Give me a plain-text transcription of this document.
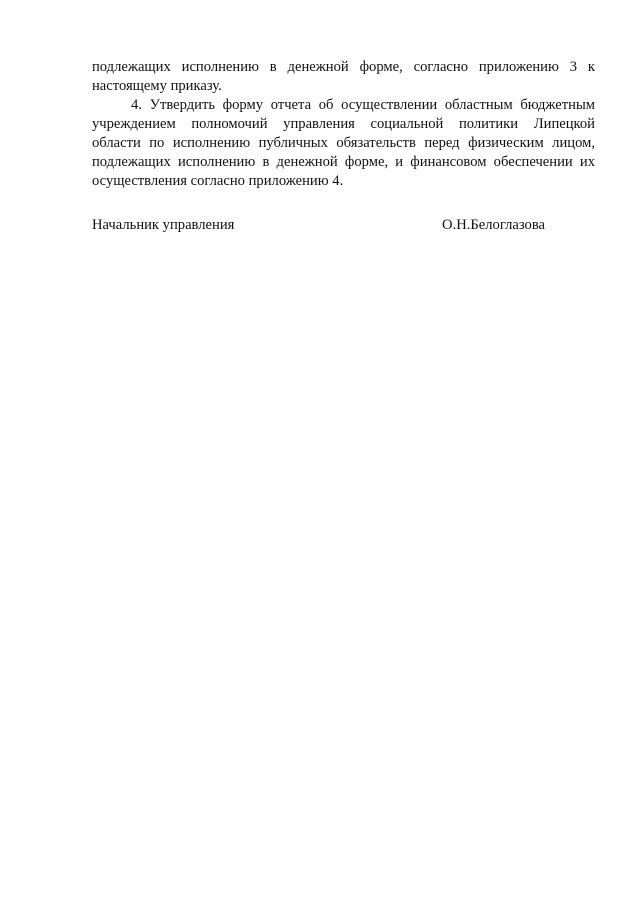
подлежащих исполнению в денежной форме, согласно приложению 3 к
настоящему приказу.
4. Утвердить форму отчета об осуществлении областным бюджетным
учреждением полномочий управления социальной политики Липецкой
области по исполнению публичных обязательств перед физическим лицом,
подлежащих исполнению в денежной форме, и финансовом обеспечении их
осуществления согласно приложению 4.
Начальник управления	О.Н.Белоглазова
